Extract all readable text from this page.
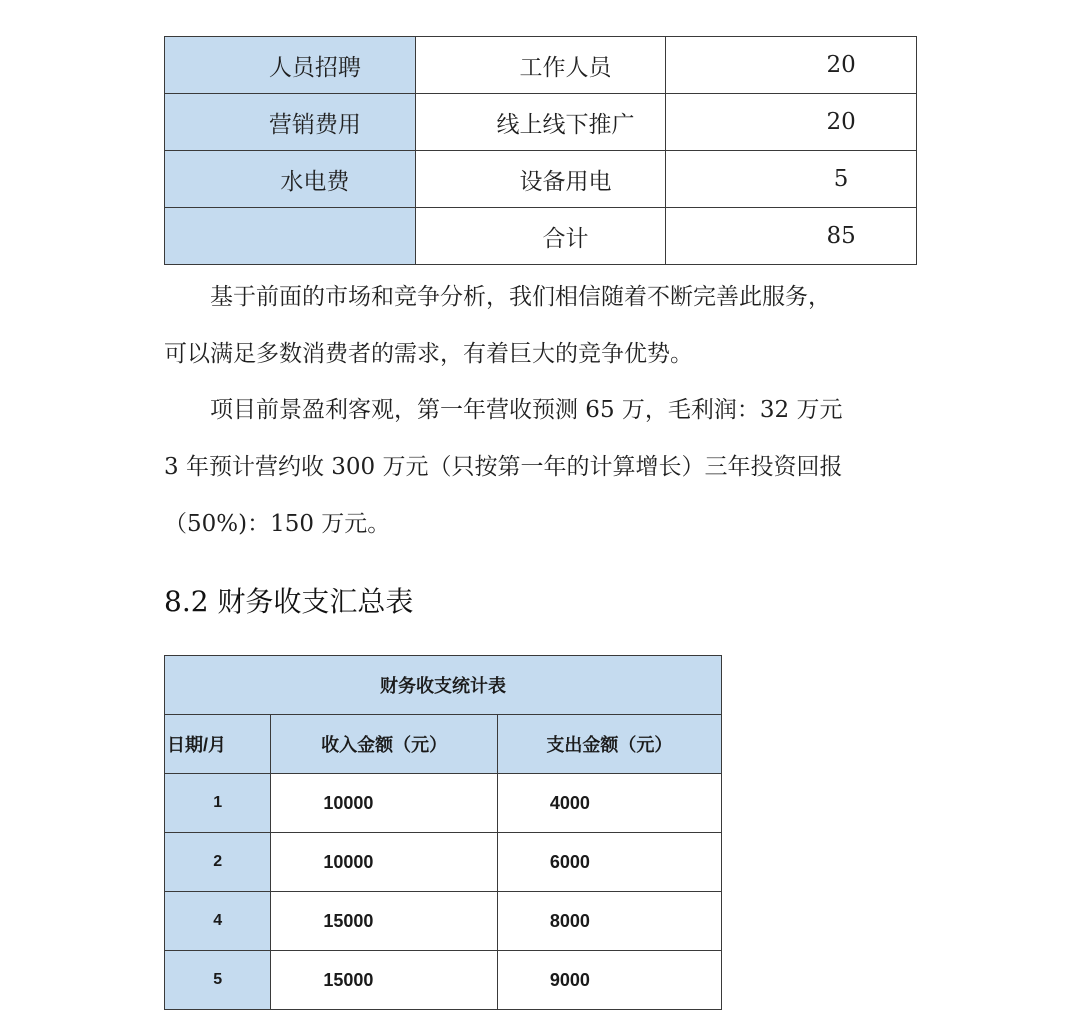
人员招聘	工作人员	20
营销费用	线上线下推广	20
水电费	设备用电	5
	合计	85
　　基于前面的市场和竞争分析，我们相信随着不断完善此服务，
可以满足多数消费者的需求，有着巨大的竞争优势。
　　项目前景盈利客观，第一年营收预测 65 万，毛利润：32 万元
3 年预计营约收 300 万元（只按第一年的计算增长）三年投资回报
（50%)：150 万元。
8.2 财务收支汇总表
财务收支统计表		
日期/月	收入金额（元）	支出金额（元）
1	10000	4000
2	10000	6000
4	15000	8000
5	15000	9000
